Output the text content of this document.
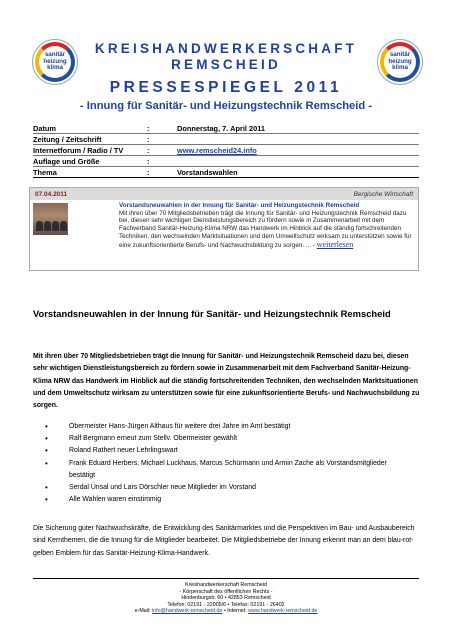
sanitär
heizung
klima
sanitär
heizung
klima
KREISHANDWERKERSCHAFT
REMSCHEID
PRESSESPIEGEL 2011
- Innung für Sanitär- und Heizungstechnik Remscheid -
Datum	:	Donnerstag, 7. April 2011
Zeitung / Zeitschrift	:
Internetforum / Radio / TV	:	www.remscheid24.info
Auflage und Größe	:
Thema	:	Vorstandswahlen
07.04.2011	Bergische Wirtschaft
Vorstandsneuwahlen in der Innung für Sanitär- und Heizungstechnik Remscheid
Mit ihren über 70 Mitgliedsbetrieben trägt die Innung für Sanitär- und Heizungstechnik Remscheid dazu bei, diesen sehr wichtigen Dienstleistungsbereich zu fördern sowie in Zusammenarbeit mit dem Fachverband Sanitär-Heizung-Klima NRW das Handwerk im Hinblick auf die ständig fortschreitenden Techniken, den wechselnden Marktsituationen und dem Umweltschutz wirksam zu unterstützen sowie für eine zukunftsorientierte Berufs- und Nachwuchsbildung zu sorgen. ... - weiterlesen
Vorstandsneuwahlen in der Innung für Sanitär- und Heizungstechnik Remscheid
Mit ihren über 70 Mitgliedsbetrieben trägt die Innung für Sanitär- und Heizungstechnik Remscheid dazu bei, diesen sehr wichtigen Dienstleistungsbereich zu fördern sowie in Zusammenarbeit mit dem Fachverband Sanitär-Heizung-Klima NRW das Handwerk im Hinblick auf die ständig fortschreitenden Techniken, den wechselnden Marktsituationen und dem Umweltschutz wirksam zu unterstützen sowie für eine zukunftsorientierte Berufs- und Nachwuchsbildung zu sorgen.
• Obermeister Hans-Jürgen Althaus für weitere drei Jahre im Amt bestätigt
• Ralf Bergmann erneut zum Stellv. Obermeister gewählt
• Roland Rathert neuer Lehrlingswart
• Frank Eduard Herbers, Michael Luckhaus, Marcus Schürmann und Armin Zache als Vorstandsmitglieder bestätigt
• Serdal Ünsal und Lars Dörschler neue Mitglieder im Vorstand
• Alle Wahlen waren einstimmig
Die Sicherung guter Nachwuchskräfte, die Entwicklung des Sanitärmarktes und die Perspektiven im Bau- und Ausbaubereich sind Kernthemen, die die Innung für die Mitglieder bearbeitet. Die Mitgliedsbetriebe der Innung erkennt man an dem blau-rot-gelben Emblem für das Sanitär-Heizung-Klima-Handwerk.
Kreishandwerkerschaft Remscheid
- Körperschaft des öffentlichen Rechts -
Hindenburgstr. 60 • 42853 Remscheid
Telefon: 02191 - 22005/6 • Telefax: 02191 - 26402
e-Mail: info@handwerk-remscheid.de • Internet: www.handwerk-remscheid.de
